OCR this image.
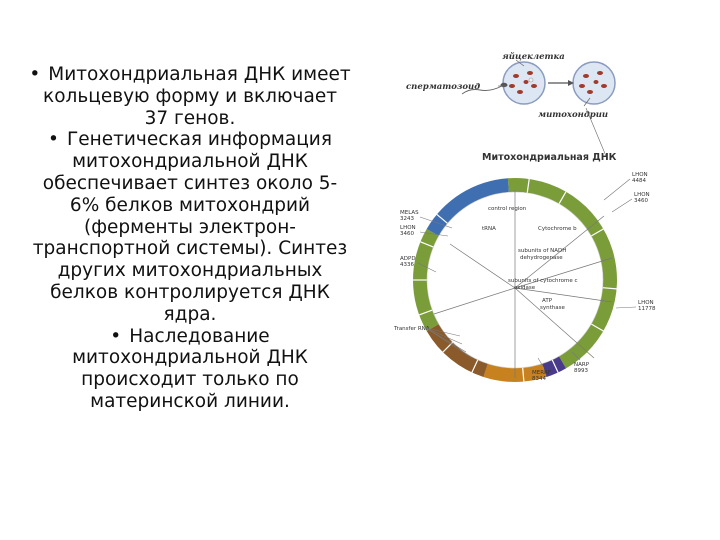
• Митохондриальная ДНК имеет
кольцевую форму и включает
37 генов.

• Генетическая информация
митохондриальной ДНК
обеспечивает синтез около 5-
6% белков митохондрий
(ферменты электрон-
транспортной системы). Синтез
других митохондриальных
белков контролируется ДНК
ядра.

• Наследование
митохондриальной ДНК
происходит только по
материнской линии.

яйцеклетка
сперматозоид
митохондрии
Митохондриальная ДНК
control region
tRNA	Cytochrome b
subunits of NADH
dehydrogenase
subunits of cytochrome c
oxidase
ATP
synthase
LHON
4484
LHON
3460
MELAS
3243
LHON
3460
ADPD
4336
Transfer RNA
LHON
11778
MERRF
8344
NARP
8993
